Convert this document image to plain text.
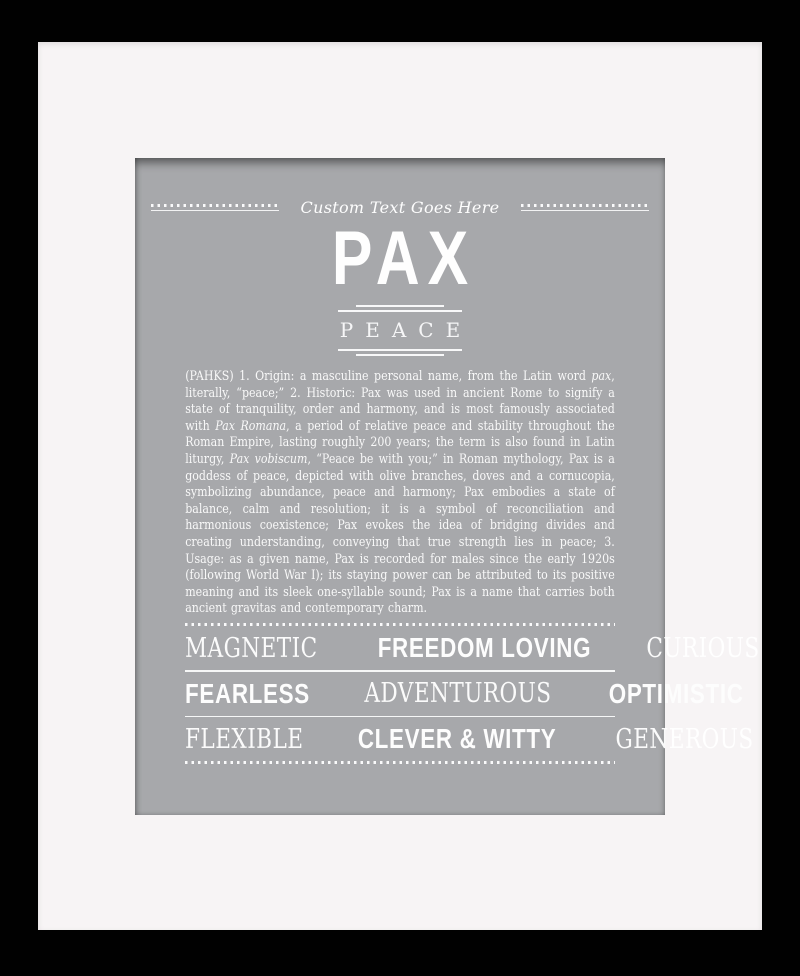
Custom Text Goes Here
PAX
PEACE

(PAHKS) 1. Origin: a masculine personal name, from the Latin word pax, literally, “peace;” 2. Historic: Pax was used in ancient Rome to signify a state of tranquility, order and harmony, and is most famously associated with Pax Romana, a period of relative peace and stability throughout the Roman Empire, lasting roughly 200 years; the term is also found in Latin liturgy, Pax vobiscum, “Peace be with you;” in Roman mythology, Pax is a goddess of peace, depicted with olive branches, doves and a cornucopia, symbolizing abundance, peace and harmony; Pax embodies a state of balance, calm and resolution; it is a symbol of reconciliation and harmonious coexistence; Pax evokes the idea of bridging divides and creating understanding, conveying that true strength lies in peace; 3. Usage: as a given name, Pax is recorded for males since the early 1920s (following World War I); its staying power can be attributed to its positive meaning and its sleek one-syllable sound; Pax is a name that carries both ancient gravitas and contemporary charm.

MAGNETIC FREEDOM LOVING CURIOUS
FEARLESS ADVENTUROUS OPTIMISTIC
FLEXIBLE CLEVER & WITTY GENEROUS
